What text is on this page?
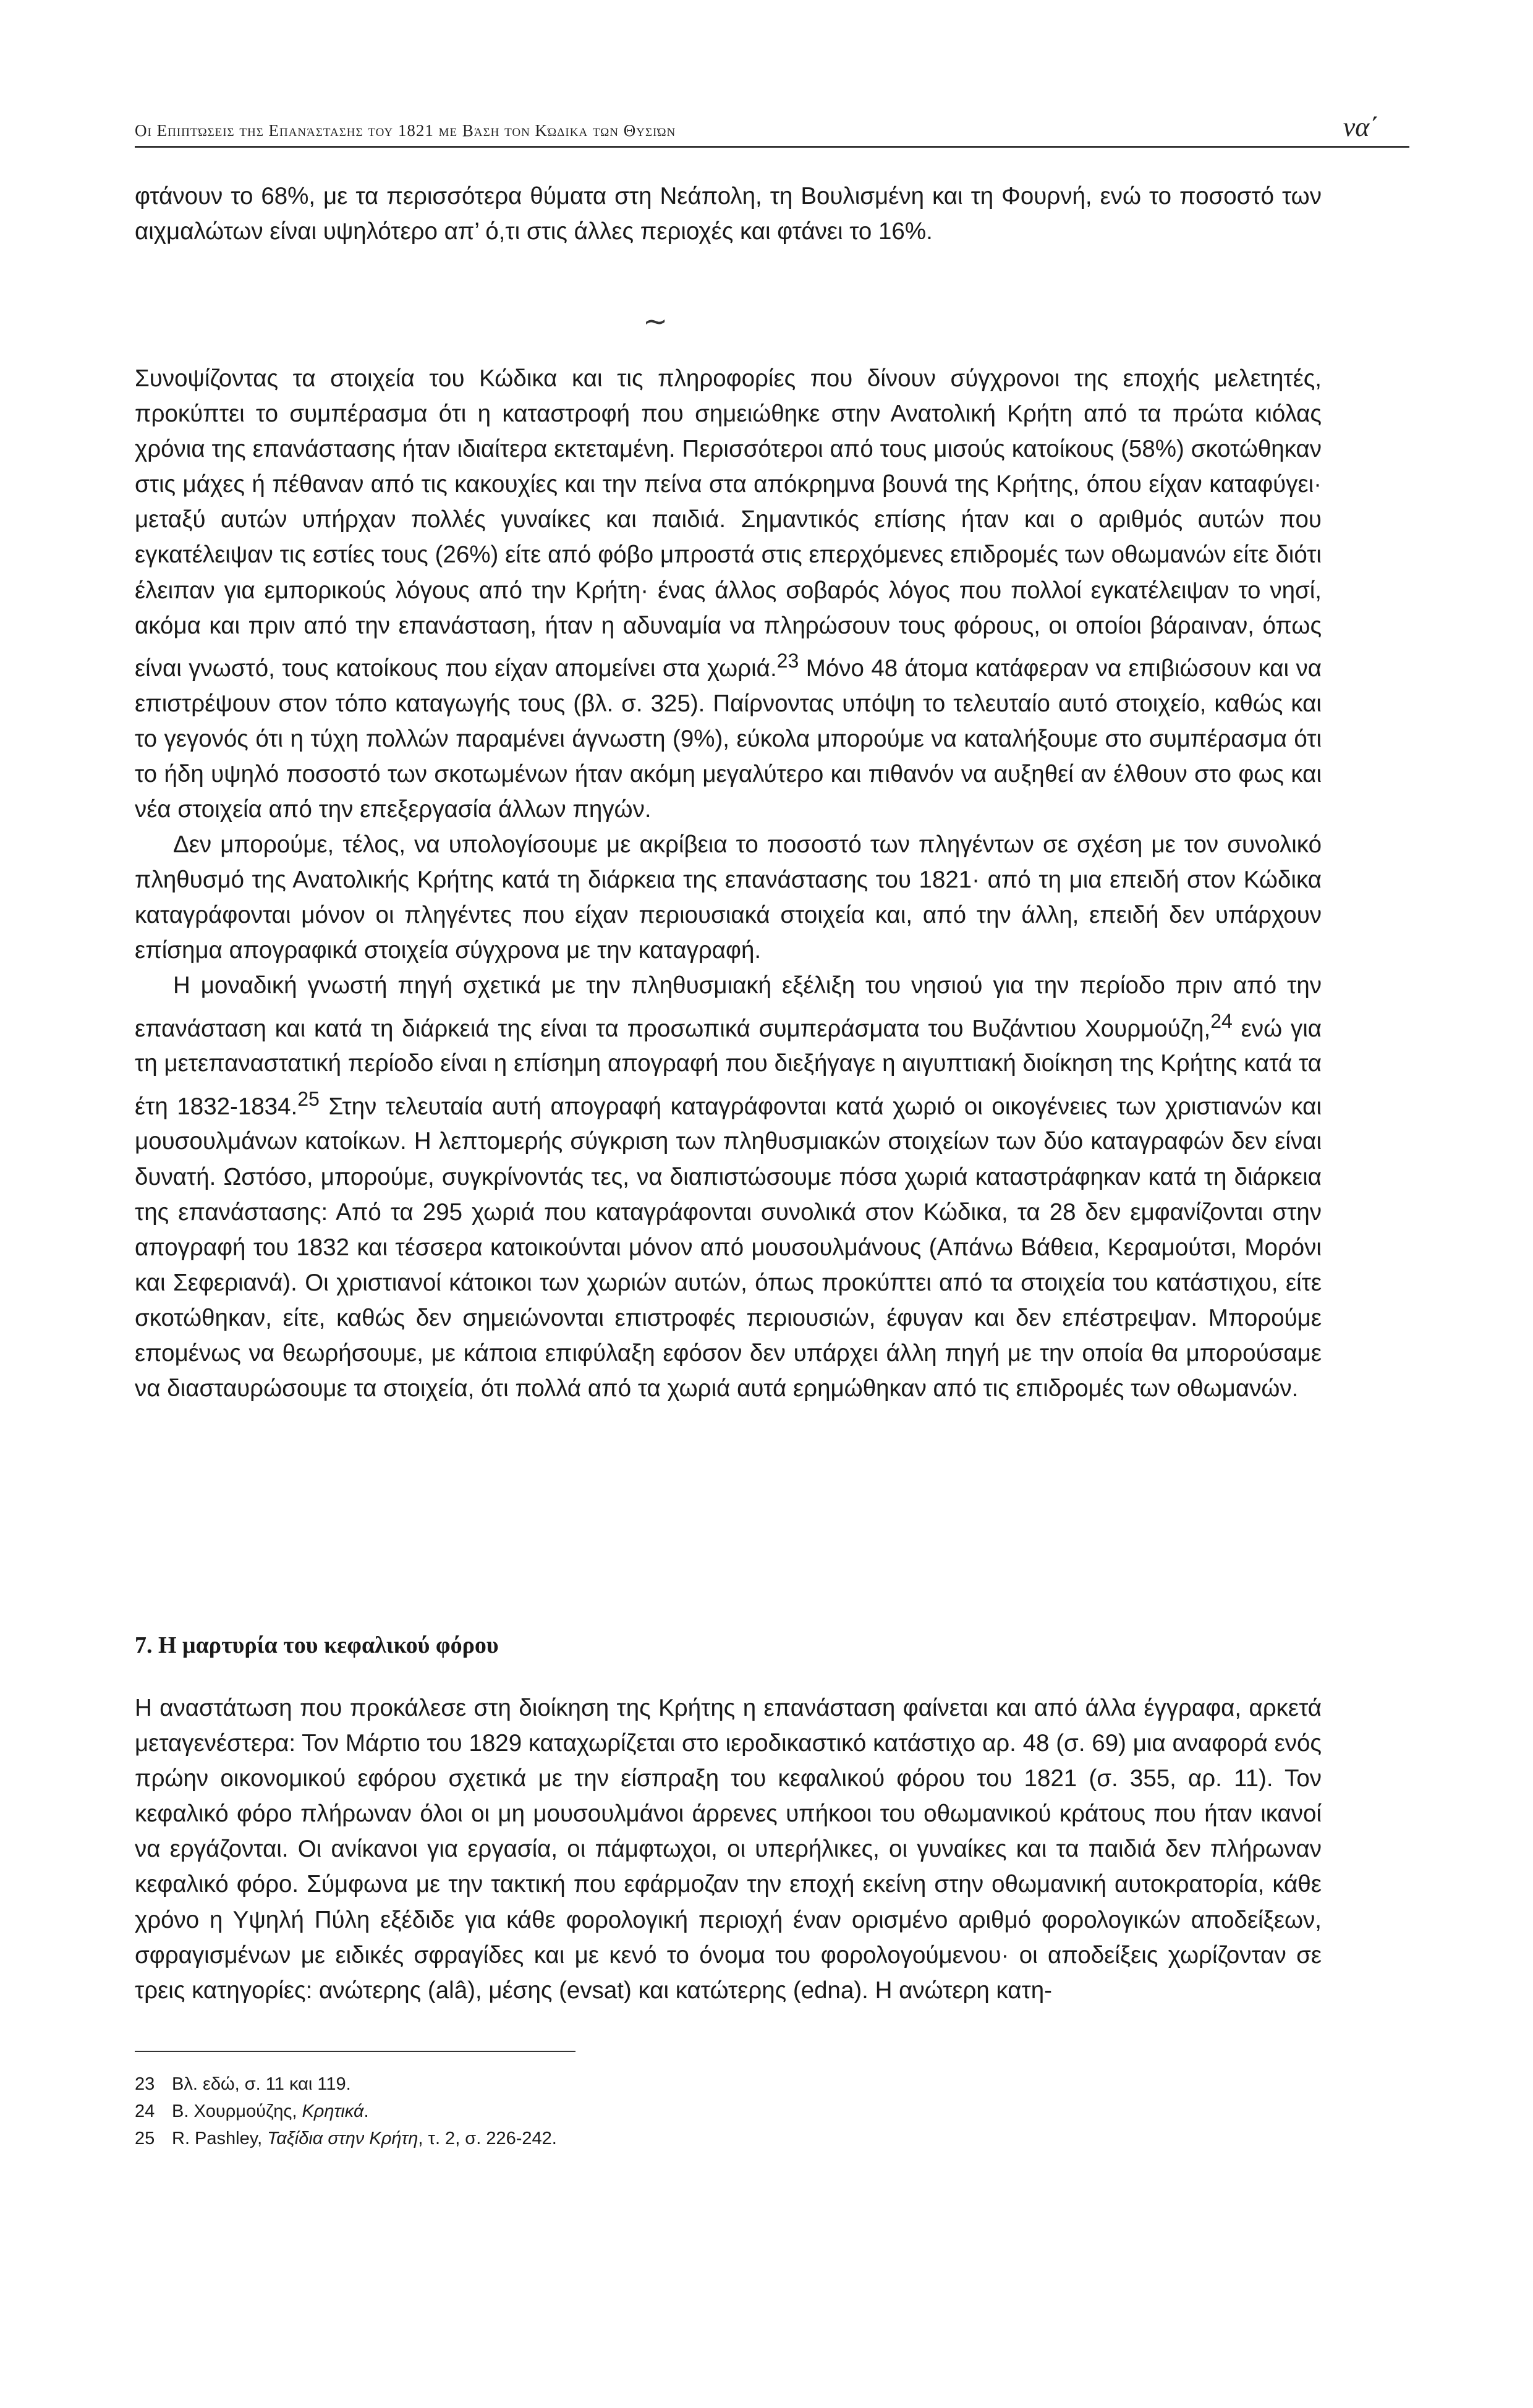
Οι Επιπτώσεις της Επανάστασης του 1821 με Βάση τον Κώδικα των Θυσιών	να΄

φτάνουν το 68%, με τα περισσότερα θύματα στη Νεάπολη, τη Βουλισμένη και τη Φουρνή, ενώ το ποσοστό των αιχμαλώτων είναι υψηλότερο απ’ ό,τι στις άλλες περιοχές και φτάνει το 16%.

~

Συνοψίζοντας τα στοιχεία του Κώδικα και τις πληροφορίες που δίνουν σύγχρονοι της εποχής μελετητές, προκύπτει το συμπέρασμα ότι η καταστροφή που σημειώθηκε στην Ανατολική Κρήτη από τα πρώτα κιόλας χρόνια της επανάστασης ήταν ιδιαίτερα εκτεταμένη. Περισσότεροι από τους μισούς κατοίκους (58%) σκοτώθηκαν στις μάχες ή πέθαναν από τις κακουχίες και την πείνα στα απόκρημνα βουνά της Κρήτης, όπου είχαν καταφύγει· μεταξύ αυτών υπήρχαν πολλές γυναίκες και παιδιά. Σημαντικός επίσης ήταν και ο αριθμός αυτών που εγκατέλειψαν τις εστίες τους (26%) είτε από φόβο μπροστά στις επερχόμενες επιδρομές των οθωμανών είτε διότι έλειπαν για εμπορικούς λόγους από την Κρήτη· ένας άλλος σοβαρός λόγος που πολλοί εγκατέλειψαν το νησί, ακόμα και πριν από την επανάσταση, ήταν η αδυναμία να πληρώσουν τους φόρους, οι οποίοι βάραιναν, όπως είναι γνωστό, τους κατοίκους που είχαν απομείνει στα χωριά.$^{23}$ Μόνο 48 άτομα κατάφεραν να επιβιώσουν και να επιστρέψουν στον τόπο καταγωγής τους (βλ. σ. 325). Παίρνοντας υπόψη το τελευταίο αυτό στοιχείο, καθώς και το γεγονός ότι η τύχη πολλών παραμένει άγνωστη (9%), εύκολα μπορούμε να καταλήξουμε στο συμπέρασμα ότι το ήδη υψηλό ποσοστό των σκοτωμένων ήταν ακόμη μεγαλύτερο και πιθανόν να αυξηθεί αν έλθουν στο φως και νέα στοιχεία από την επεξεργασία άλλων πηγών.

Δεν μπορούμε, τέλος, να υπολογίσουμε με ακρίβεια το ποσοστό των πληγέντων σε σχέση με τον συνολικό πληθυσμό της Ανατολικής Κρήτης κατά τη διάρκεια της επανάστασης του 1821· από τη μια επειδή στον Κώδικα καταγράφονται μόνον οι πληγέντες που είχαν περιουσιακά στοιχεία και, από την άλλη, επειδή δεν υπάρχουν επίσημα απογραφικά στοιχεία σύγχρονα με την καταγραφή.

Η μοναδική γνωστή πηγή σχετικά με την πληθυσμιακή εξέλιξη του νησιού για την περίοδο πριν από την επανάσταση και κατά τη διάρκειά της είναι τα προσωπικά συμπεράσματα του Βυζάντιου Χουρμούζη,$^{24}$ ενώ για τη μετεπαναστατική περίοδο είναι η επίσημη απογραφή που διεξήγαγε η αιγυπτιακή διοίκηση της Κρήτης κατά τα έτη 1832-1834.25 Στην τελευταία αυτή απογραφή καταγράφονται κατά χωριό οι οικογένειες των χριστιανών και μουσουλμάνων κατοίκων. Η λεπτομερής σύγκριση των πληθυσμιακών στοιχείων των δύο καταγραφών δεν είναι δυνατή. Ωστόσο, μπορούμε, συγκρίνοντάς τες, να διαπιστώσουμε πόσα χωριά καταστράφηκαν κατά τη διάρκεια της επανάστασης: Από τα 295 χωριά που καταγράφονται συνολικά στον Κώδικα, τα 28 δεν εμφανίζονται στην απογραφή του 1832 και τέσσερα κατοικούνται μόνον από μουσουλμάνους (Απάνω Βάθεια, Κεραμούτσι, Μορόνι και Σεφεριανά). Οι χριστιανοί κάτοικοι των χωριών αυτών, όπως προκύπτει από τα στοιχεία του κατάστιχου, είτε σκοτώθηκαν, είτε, καθώς δεν σημειώνονται επιστροφές περιουσιών, έφυγαν και δεν επέστρεψαν. Μπορούμε επομένως να θεωρήσουμε, με κάποια επιφύλαξη εφόσον δεν υπάρχει άλλη πηγή με την οποία θα μπορούσαμε να διασταυρώσουμε τα στοιχεία, ότι πολλά από τα χωριά αυτά ερημώθηκαν από τις επιδρομές των οθωμανών.

7. Η μαρτυρία του κεφαλικού φόρου

Η αναστάτωση που προκάλεσε στη διοίκηση της Κρήτης η επανάσταση φαίνεται και από άλλα έγγραφα, αρκετά μεταγενέστερα: Τον Μάρτιο του 1829 καταχωρίζεται στο ιεροδικαστικό κατάστιχο αρ. 48 (σ. 69) μια αναφορά ενός πρώην οικονομικού εφόρου σχετικά με την είσπραξη του κεφαλικού φόρου του 1821 (σ. 355, αρ. 11). Τον κεφαλικό φόρο πλήρωναν όλοι οι μη μουσουλμάνοι άρρενες υπήκοοι του οθωμανικού κράτους που ήταν ικανοί να εργάζονται. Οι ανίκανοι για εργασία, οι πάμφτωχοι, οι υπερήλικες, οι γυναίκες και τα παιδιά δεν πλήρωναν κεφαλικό φόρο. Σύμφωνα με την τακτική που εφάρμοζαν την εποχή εκείνη στην οθωμανική αυτοκρατορία, κάθε χρόνο η Υψηλή Πύλη εξέδιδε για κάθε φορολογική περιοχή έναν ορισμένο αριθμό φορολογικών αποδείξεων, σφραγισμένων με ειδικές σφραγίδες και με κενό το όνομα του φορολογούμενου· οι αποδείξεις χωρίζονταν σε τρεις κατηγορίες: ανώτερης (alâ), μέσης (evsat) και κατώτερης (edna). Η ανώτερη κατη-

23 Βλ. εδώ, σ. 11 και 119.
24 Β. Χουρμούζης, Κρητικά.
25 R. Pashley, Ταξίδια στην Κρήτη, τ. 2, σ. 226-242.
